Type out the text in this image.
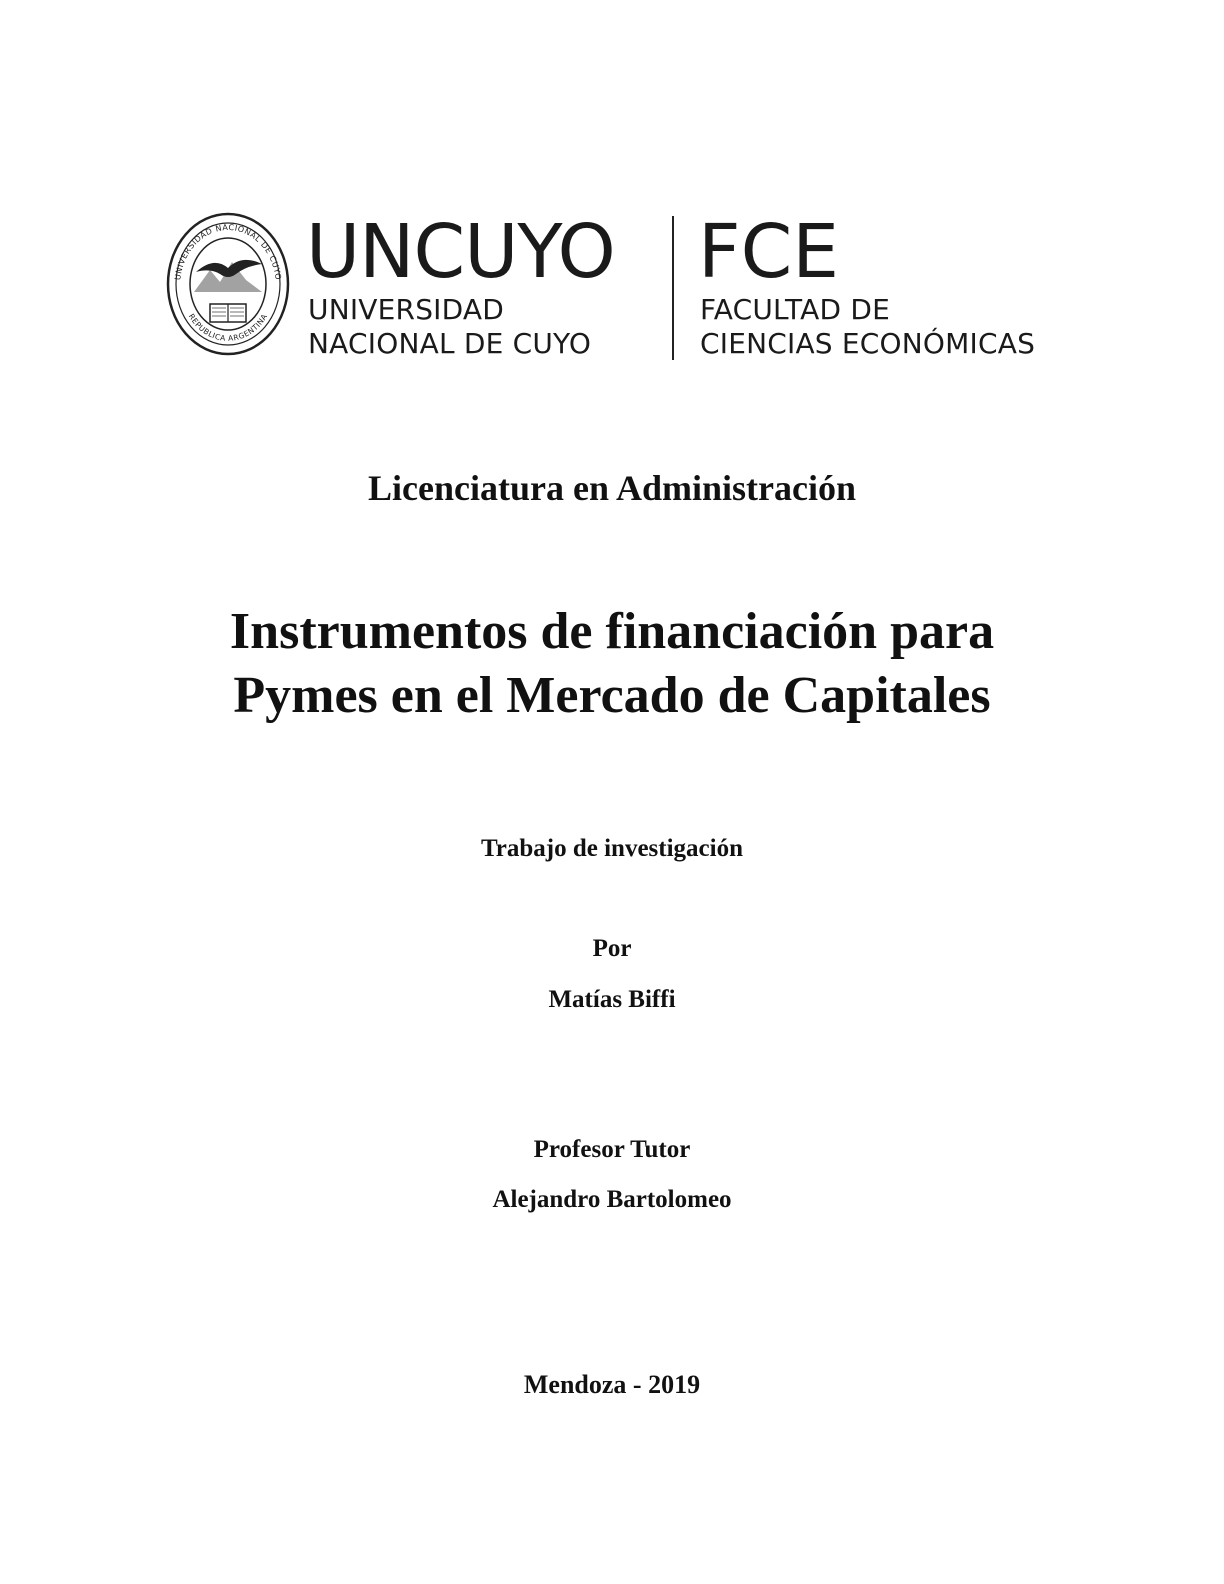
UNIVERSIDAD NACIONAL DE CUYO
REPUBLICA ARGENTINA
UNCUYO
UNIVERSIDAD
NACIONAL DE CUYO
FCE
FACULTAD DE
CIENCIAS ECONÓMICAS
Licenciatura en Administración
Instrumentos de financiación para
Pymes en el Mercado de Capitales
Trabajo de investigación
Por
Matías Biffi
Profesor Tutor
Alejandro Bartolomeo
Mendoza - 2019
